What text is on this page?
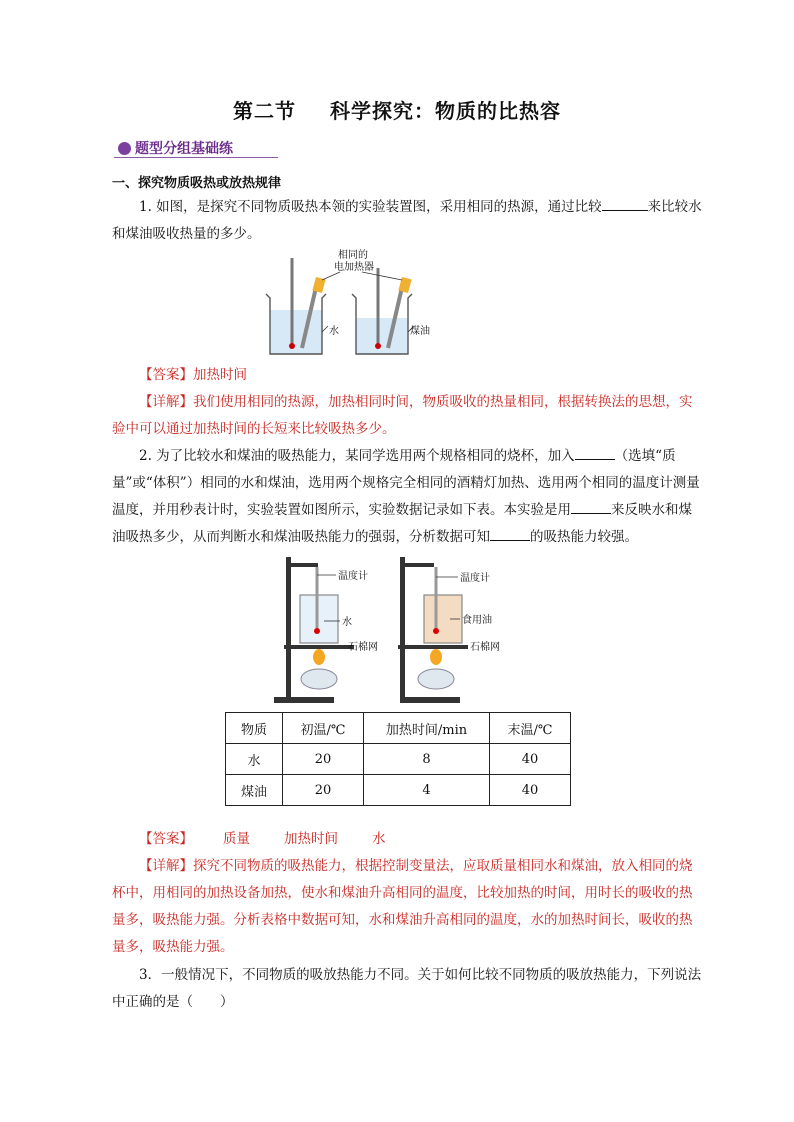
第二节 科学探究：物质的比热容
题型分组基础练
一、探究物质吸热或放热规律
1. 如图，是探究不同物质吸热本领的实验装置图，采用相同的热源，通过比较	来比较水和煤油吸收热量的多少。
水	煤油
相同的
电加热器
【答案】加热时间
【详解】我们使用相同的热源，加热相同时间，物质吸收的热量相同，根据转换法的思想，实验中可以通过加热时间的长短来比较吸热多少。
2. 为了比较水和煤油的吸热能力，某同学选用两个规格相同的烧杯，加入	（选填“质量”或“体积”）相同的水和煤油，选用两个规格完全相同的酒精灯加热、选用两个相同的温度计测量温度，并用秒表计时，实验装置如图所示，实验数据记录如下表。本实验是用	来反映水和煤油吸热多少，从而判断水和煤油吸热能力的强弱，分析数据可知	的吸热能力较强。
温度计
水
石棉网
温度计
食用油
石棉网
物质	初温/℃	加热时间/min	末温/℃
水	20	8	40
煤油	20	4	40
【答案】 质量	加热时间	水
【详解】探究不同物质的吸热能力，根据控制变量法，应取质量相同水和煤油，放入相同的烧杯中，用相同的加热设备加热，使水和煤油升高相同的温度，比较加热的时间，用时长的吸收的热量多，吸热能力强。分析表格中数据可知，水和煤油升高相同的温度，水的加热时间长，吸收的热量多，吸热能力强。
3．一般情况下，不同物质的吸放热能力不同。关于如何比较不同物质的吸放热能力，下列说法中正确的是（　　）
